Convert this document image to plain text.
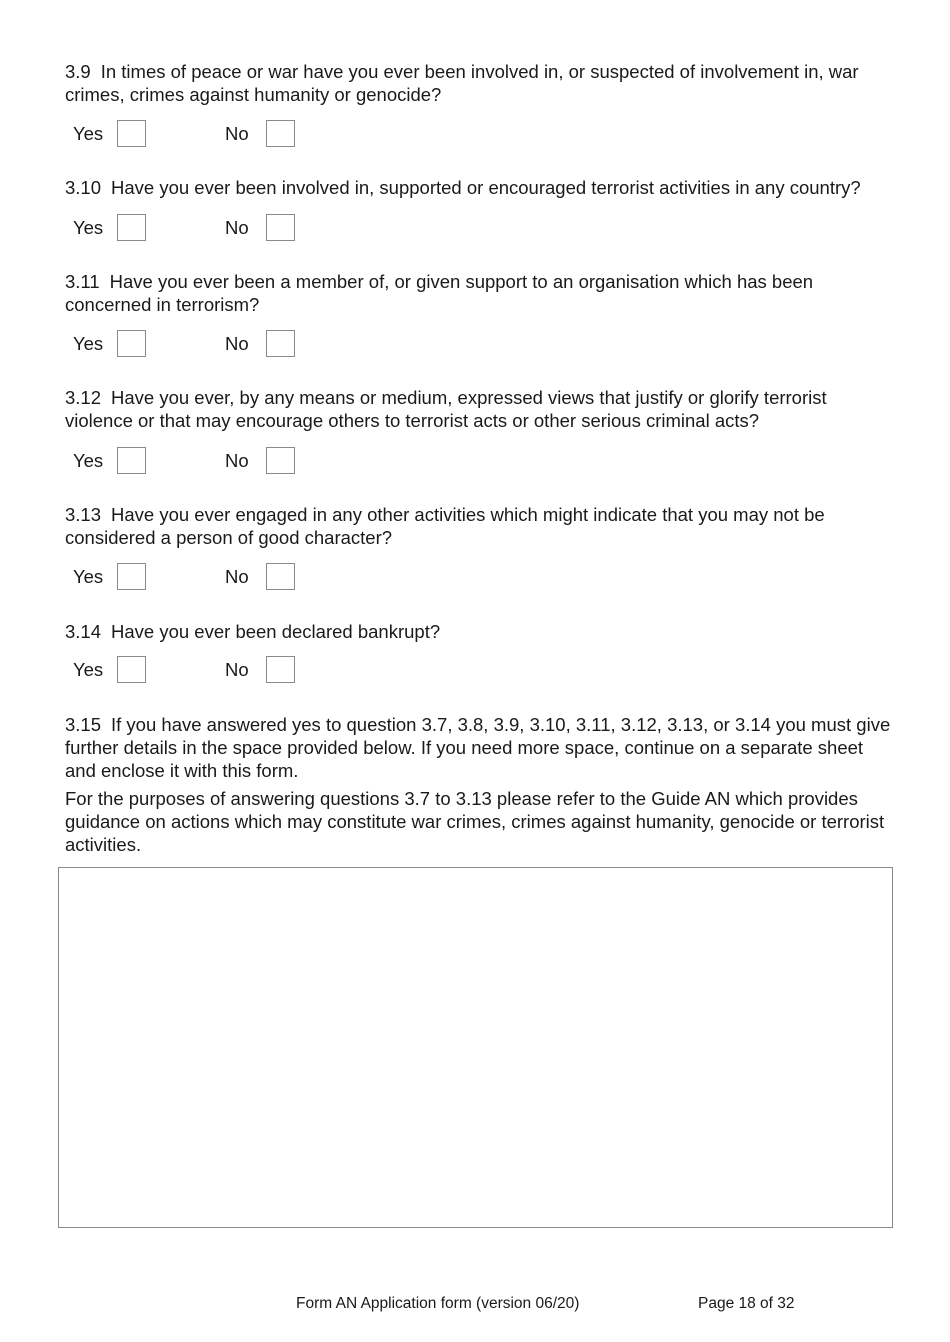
3.9 In times of peace or war have you ever been involved in, or suspected of involvement in, war crimes, crimes against humanity or genocide?
Yes	No
3.10 Have you ever been involved in, supported or encouraged terrorist activities in any country?
Yes	No
3.11 Have you ever been a member of, or given support to an organisation which has been concerned in terrorism?
Yes	No
3.12 Have you ever, by any means or medium, expressed views that justify or glorify terrorist violence or that may encourage others to terrorist acts or other serious criminal acts?
Yes	No
3.13 Have you ever engaged in any other activities which might indicate that you may not be considered a person of good character?
Yes	No
3.14 Have you ever been declared bankrupt?
Yes	No
3.15 If you have answered yes to question 3.7, 3.8, 3.9, 3.10, 3.11, 3.12, 3.13, or 3.14 you must give further details in the space provided below. If you need more space, continue on a separate sheet and enclose it with this form.
For the purposes of answering questions 3.7 to 3.13 please refer to the Guide AN which provides guidance on actions which may constitute war crimes, crimes against humanity, genocide or terrorist activities.
Form AN Application form (version 06/20)	Page 18 of 32
